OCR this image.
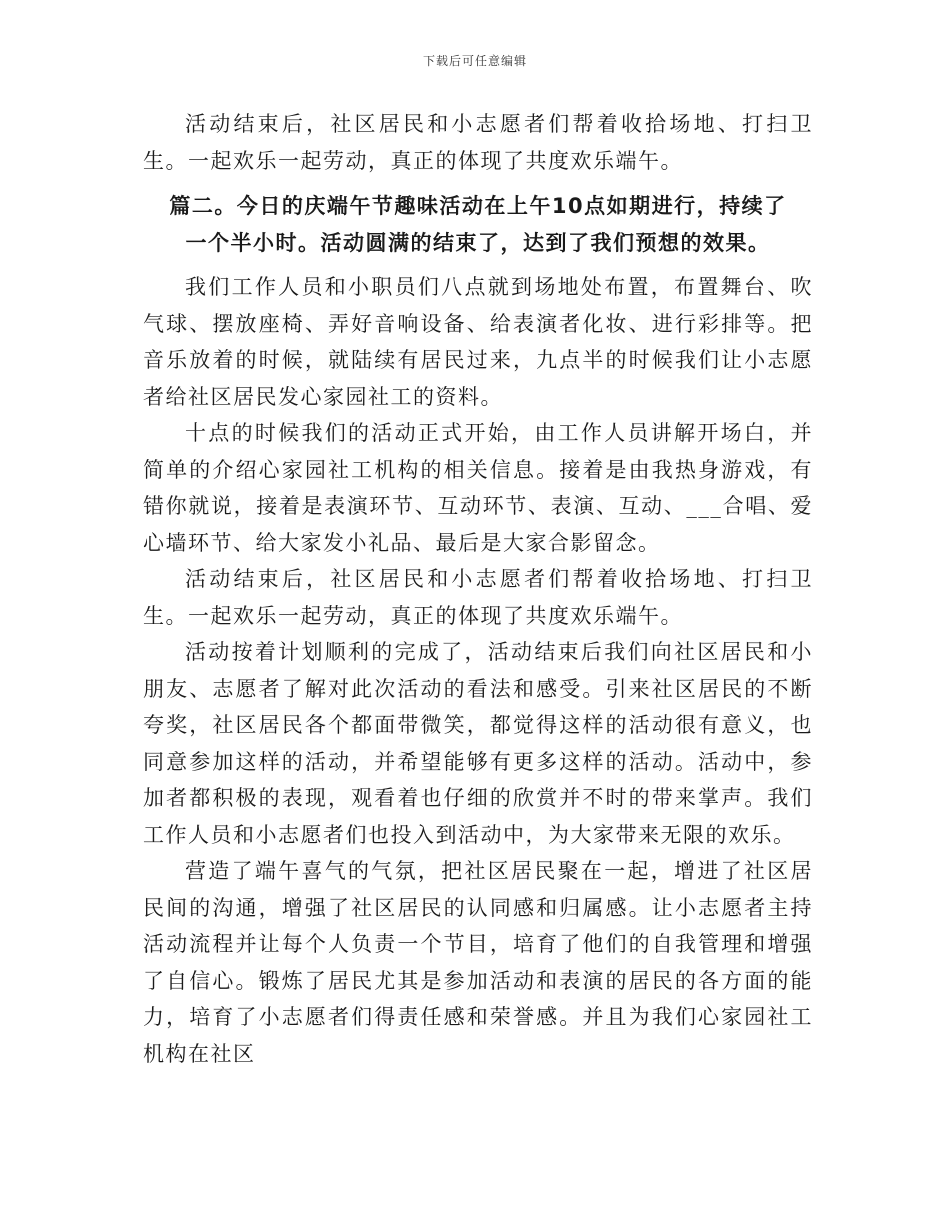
下载后可任意编辑

活动结束后，社区居民和小志愿者们帮着收拾场地、打扫卫生。一起欢乐一起劳动，真正的体现了共度欢乐端午。

篇二。今日的庆端午节趣味活动在上午10点如期进行，持续了
一个半小时。活动圆满的结束了，达到了我们预想的效果。

我们工作人员和小职员们八点就到场地处布置，布置舞台、吹气球、摆放座椅、弄好音响设备、给表演者化妆、进行彩排等。把音乐放着的时候，就陆续有居民过来，九点半的时候我们让小志愿者给社区居民发心家园社工的资料。

十点的时候我们的活动正式开始，由工作人员讲解开场白，并简单的介绍心家园社工机构的相关信息。接着是由我热身游戏，有错你就说，接着是表演环节、互动环节、表演、互动、___合唱、爱心墙环节、给大家发小礼品、最后是大家合影留念。

活动结束后，社区居民和小志愿者们帮着收拾场地、打扫卫生。一起欢乐一起劳动，真正的体现了共度欢乐端午。

活动按着计划顺利的完成了，活动结束后我们向社区居民和小朋友、志愿者了解对此次活动的看法和感受。引来社区居民的不断夸奖，社区居民各个都面带微笑，都觉得这样的活动很有意义，也同意参加这样的活动，并希望能够有更多这样的活动。活动中，参加者都积极的表现，观看着也仔细的欣赏并不时的带来掌声。我们工作人员和小志愿者们也投入到活动中，为大家带来无限的欢乐。

营造了端午喜气的气氛，把社区居民聚在一起，增进了社区居民间的沟通，增强了社区居民的认同感和归属感。让小志愿者主持活动流程并让每个人负责一个节目，培育了他们的自我管理和增强了自信心。锻炼了居民尤其是参加活动和表演的居民的各方面的能力，培育了小志愿者们得责任感和荣誉感。并且为我们心家园社工机构在社区
